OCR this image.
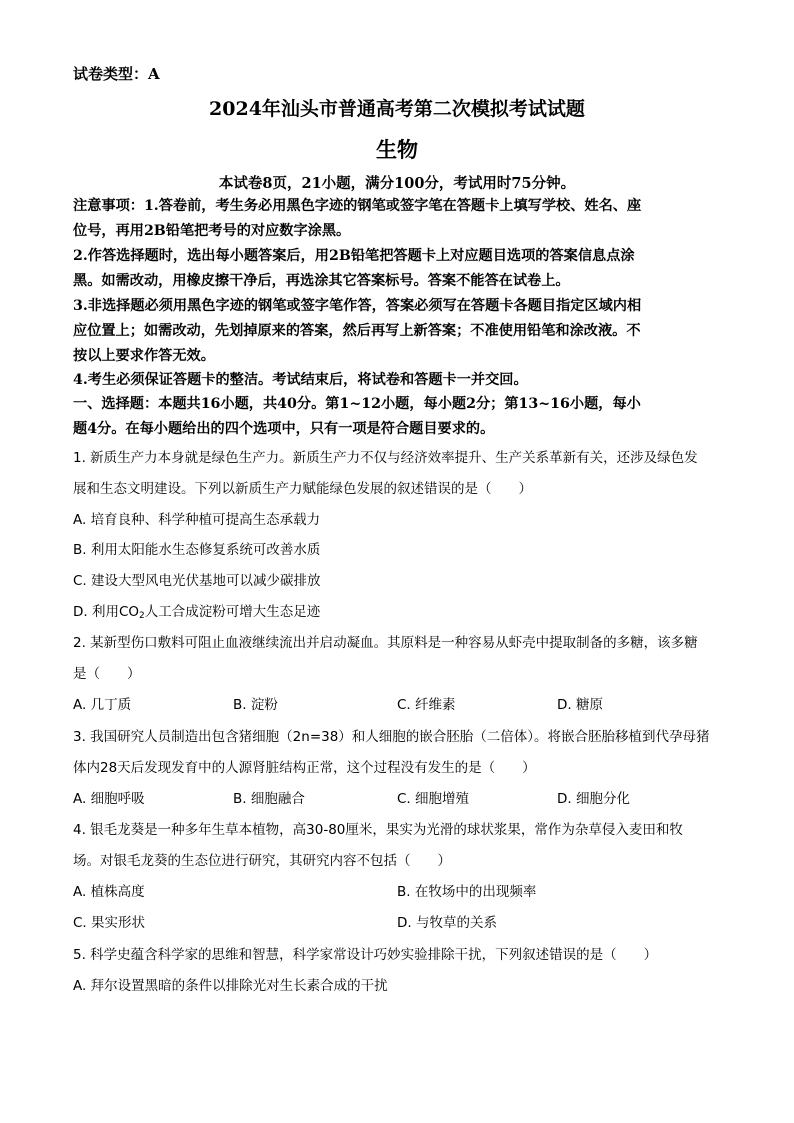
试卷类型：A
2024年汕头市普通高考第二次模拟考试试题
生物
本试卷8页，21小题，满分100分，考试用时75分钟。
注意事项：1.答卷前，考生务必用黑色字迹的钢笔或签字笔在答题卡上填写学校、姓名、座
位号，再用2B铅笔把考号的对应数字涂黑。
2.作答选择题时，选出每小题答案后，用2B铅笔把答题卡上对应题目选项的答案信息点涂
黑。如需改动，用橡皮擦干净后，再选涂其它答案标号。答案不能答在试卷上。
3.非选择题必须用黑色字迹的钢笔或签字笔作答，答案必须写在答题卡各题目指定区域内相
应位置上；如需改动，先划掉原来的答案，然后再写上新答案；不准使用铅笔和涂改液。不
按以上要求作答无效。
4.考生必须保证答题卡的整洁。考试结束后，将试卷和答题卡一并交回。
一、选择题：本题共16小题，共40分。第1~12小题，每小题2分；第13~16小题，每小
题4分。在每小题给出的四个选项中，只有一项是符合题目要求的。
1. 新质生产力本身就是绿色生产力。新质生产力不仅与经济效率提升、生产关系革新有关，还涉及绿色发
展和生态文明建设。下列以新质生产力赋能绿色发展的叙述错误的是（　　）
A. 培育良种、科学种植可提高生态承载力
B. 利用太阳能水生态修复系统可改善水质
C. 建设大型风电光伏基地可以减少碳排放
D. 利用$CO_2$人工合成淀粉可增大生态足迹
2. 某新型伤口敷料可阻止血液继续流出并启动凝血。其原料是一种容易从虾壳中提取制备的多糖，该多糖
是（　　）
A. 几丁质	B. 淀粉	C. 纤维素	D. 糖原
3. 我国研究人员制造出包含猪细胞（2n=38）和人细胞的嵌合胚胎（二倍体）。将嵌合胚胎移植到代孕母猪
体内28天后发现发育中的人源肾脏结构正常，这个过程没有发生的是（　　）
A. 细胞呼吸	B. 细胞融合	C. 细胞增殖	D. 细胞分化
4. 银毛龙葵是一种多年生草本植物，高30-80厘米，果实为光滑的球状浆果，常作为杂草侵入麦田和牧
场。对银毛龙葵的生态位进行研究，其研究内容不包括（　　）
A. 植株高度	B. 在牧场中的出现频率
C. 果实形状	D. 与牧草的关系
5. 科学史蕴含科学家的思维和智慧，科学家常设计巧妙实验排除干扰，下列叙述错误的是（　　）
A. 拜尔设置黑暗的条件以排除光对生长素合成的干扰
